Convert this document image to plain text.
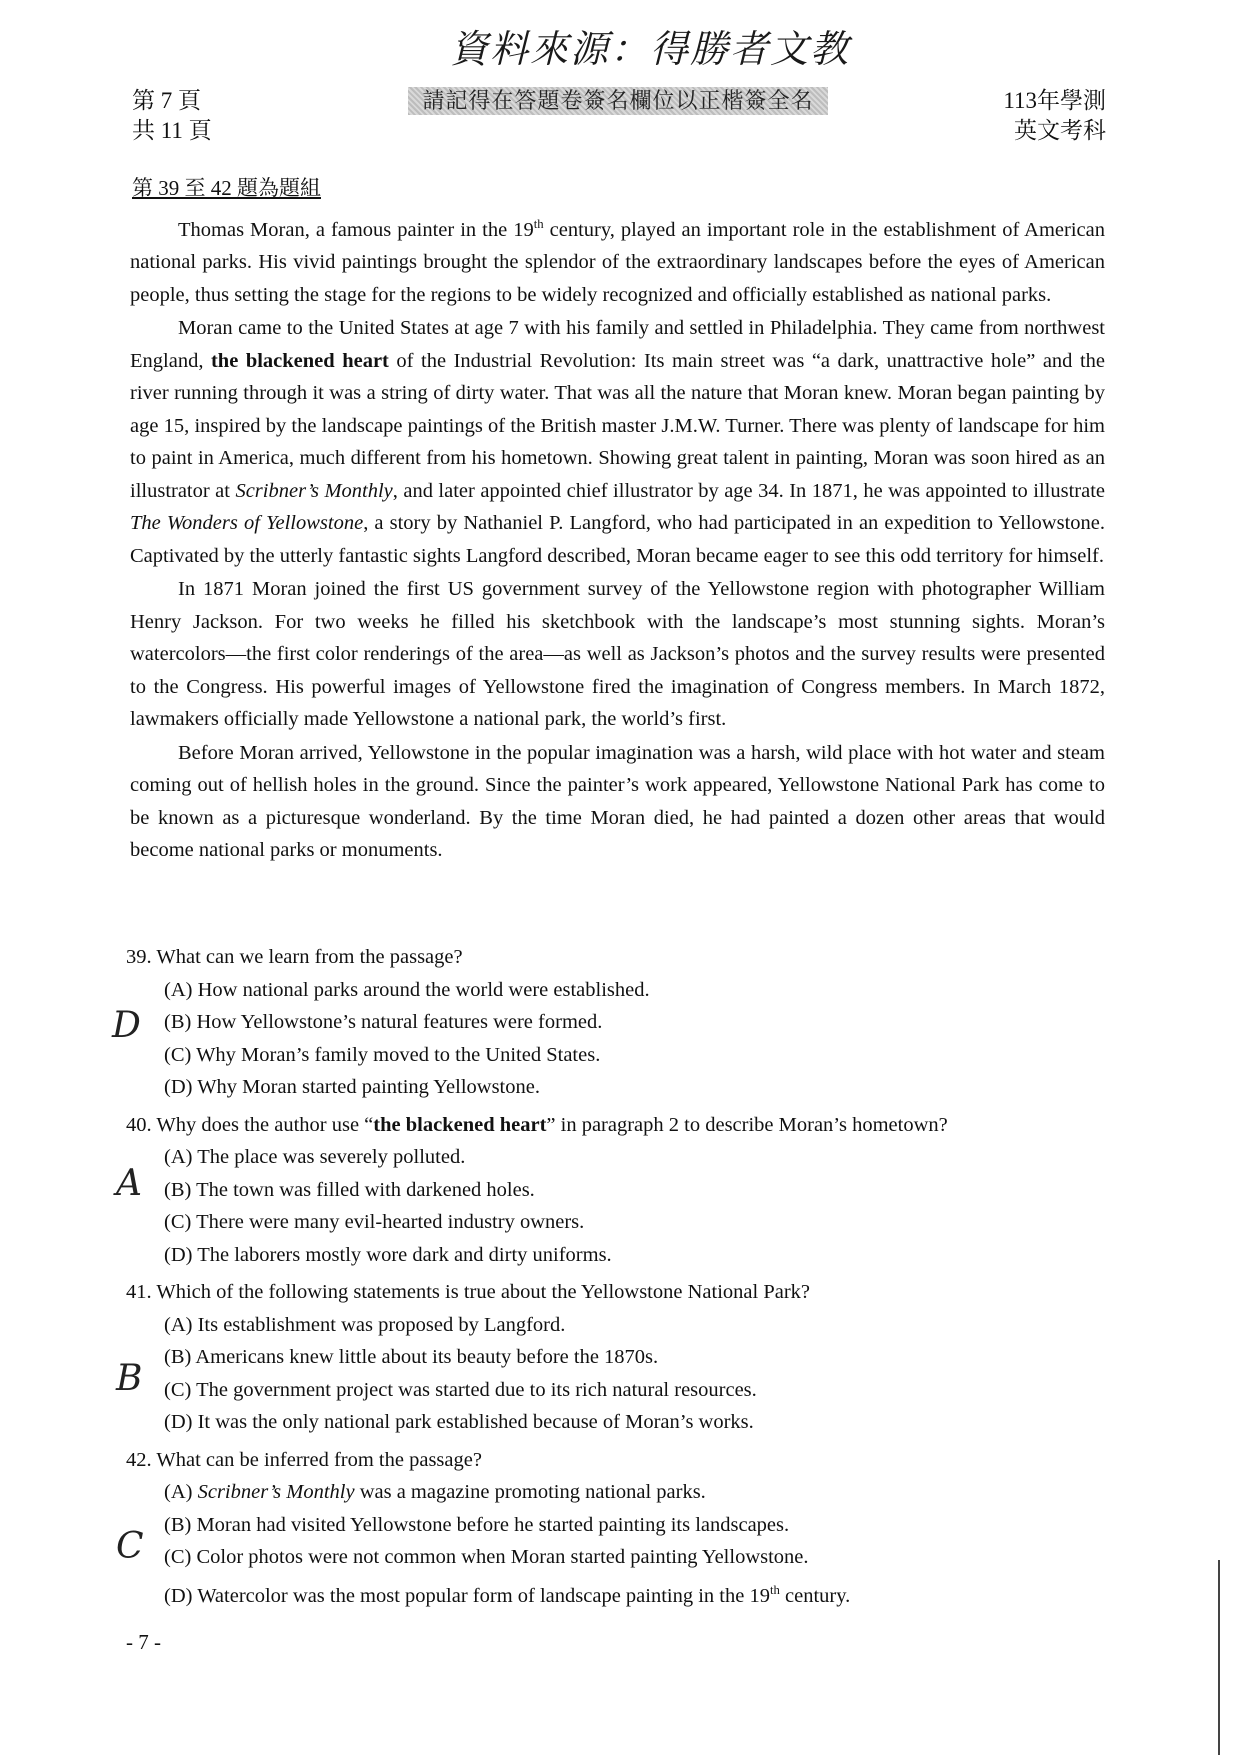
資料來源：得勝者文教
第 7 頁
共 11 頁
請記得在答題卷簽名欄位以正楷簽全名	113年學測
英文考科
第 39 至 42 題為題組

Thomas Moran, a famous painter in the 19th century, played an important role in the establishment of American national parks. His vivid paintings brought the splendor of the extraordinary landscapes before the eyes of American people, thus setting the stage for the regions to be widely recognized and officially established as national parks.

Moran came to the United States at age 7 with his family and settled in Philadelphia. They came from northwest England, the blackened heart of the Industrial Revolution: Its main street was “a dark, unattractive hole” and the river running through it was a string of dirty water. That was all the nature that Moran knew. Moran began painting by age 15, inspired by the landscape paintings of the British master J.M.W. Turner. There was plenty of landscape for him to paint in America, much different from his hometown. Showing great talent in painting, Moran was soon hired as an illustrator at Scribner’s Monthly, and later appointed chief illustrator by age 34. In 1871, he was appointed to illustrate The Wonders of Yellowstone, a story by Nathaniel P. Langford, who had participated in an expedition to Yellowstone. Captivated by the utterly fantastic sights Langford described, Moran became eager to see this odd territory for himself.

In 1871 Moran joined the first US government survey of the Yellowstone region with photographer William Henry Jackson. For two weeks he filled his sketchbook with the landscape’s most stunning sights. Moran’s watercolors—the first color renderings of the area—as well as Jackson’s photos and the survey results were presented to the Congress. His powerful images of Yellowstone fired the imagination of Congress members. In March 1872, lawmakers officially made Yellowstone a national park, the world’s first.

Before Moran arrived, Yellowstone in the popular imagination was a harsh, wild place with hot water and steam coming out of hellish holes in the ground. Since the painter’s work appeared, Yellowstone National Park has come to be known as a picturesque wonderland. By the time Moran died, he had painted a dozen other areas that would become national parks or monuments.

39. What can we learn from the passage?

(A) How national parks around the world were established.
(B) How Yellowstone’s natural features were formed.
(C) Why Moran’s family moved to the United States.
(D) Why Moran started painting Yellowstone.

40. Why does the author use “the blackened heart” in paragraph 2 to describe Moran’s hometown?

(A) The place was severely polluted.
(B) The town was filled with darkened holes.
(C) There were many evil-hearted industry owners.
(D) The laborers mostly wore dark and dirty uniforms.

41. Which of the following statements is true about the Yellowstone National Park?

(A) Its establishment was proposed by Langford.
(B) Americans knew little about its beauty before the 1870s.
(C) The government project was started due to its rich natural resources.
(D) It was the only national park established because of Moran’s works.

42. What can be inferred from the passage?

(A) Scribner’s Monthly was a magazine promoting national parks.
(B) Moran had visited Yellowstone before he started painting its landscapes.
(C) Color photos were not common when Moran started painting Yellowstone.
(D) Watercolor was the most popular form of landscape painting in the 19th century.
D
A
B
C
- 7 -
